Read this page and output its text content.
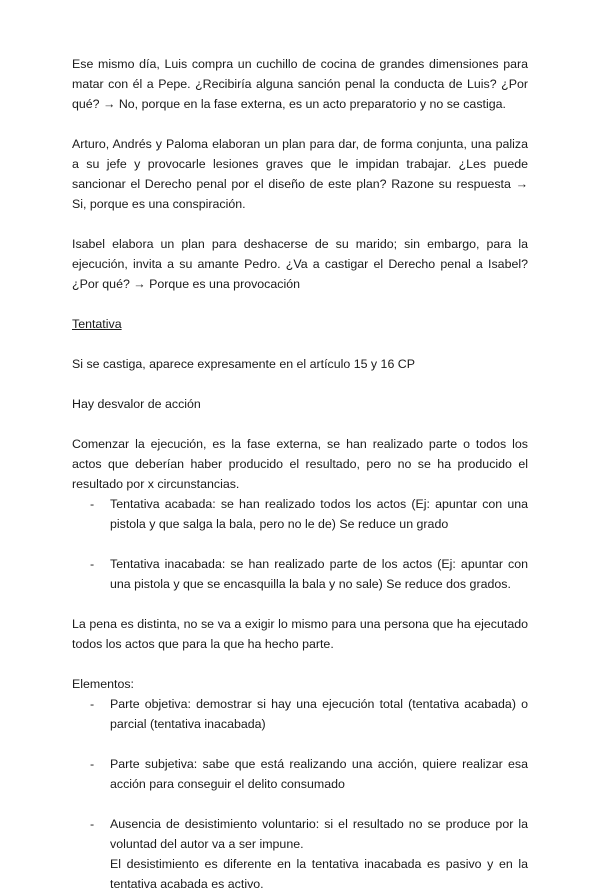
Ese mismo día, Luis compra un cuchillo de cocina de grandes dimensiones para matar con él a Pepe. ¿Recibiría alguna sanción penal la conducta de Luis? ¿Por qué? → No, porque en la fase externa, es un acto preparatorio y no se castiga.

Arturo, Andrés y Paloma elaboran un plan para dar, de forma conjunta, una paliza a su jefe y provocarle lesiones graves que le impidan trabajar. ¿Les puede sancionar el Derecho penal por el diseño de este plan? Razone su respuesta → Si, porque es una conspiración.

Isabel elabora un plan para deshacerse de su marido; sin embargo, para la ejecución, invita a su amante Pedro. ¿Va a castigar el Derecho penal a Isabel? ¿Por qué? → Porque es una provocación

Tentativa

Si se castiga, aparece expresamente en el artículo 15 y 16 CP

Hay desvalor de acción

Comenzar la ejecución, es la fase externa, se han realizado parte o todos los actos que deberían haber producido el resultado, pero no se ha producido el resultado por x circunstancias.

- Tentativa acabada: se han realizado todos los actos (Ej: apuntar con una pistola y que salga la bala, pero no le de) Se reduce un grado
- Tentativa inacabada: se han realizado parte de los actos (Ej: apuntar con una pistola y que se encasquilla la bala y no sale) Se reduce dos grados.

La pena es distinta, no se va a exigir lo mismo para una persona que ha ejecutado todos los actos que para la que ha hecho parte.

Elementos:

- Parte objetiva: demostrar si hay una ejecución total (tentativa acabada) o parcial (tentativa inacabada)
- Parte subjetiva: sabe que está realizando una acción, quiere realizar esa acción para conseguir el delito consumado
- Ausencia de desistimiento voluntario: si el resultado no se produce por la voluntad del autor va a ser impune.
El desistimiento es diferente en la tentativa inacabada es pasivo y en la tentativa acabada es activo.
